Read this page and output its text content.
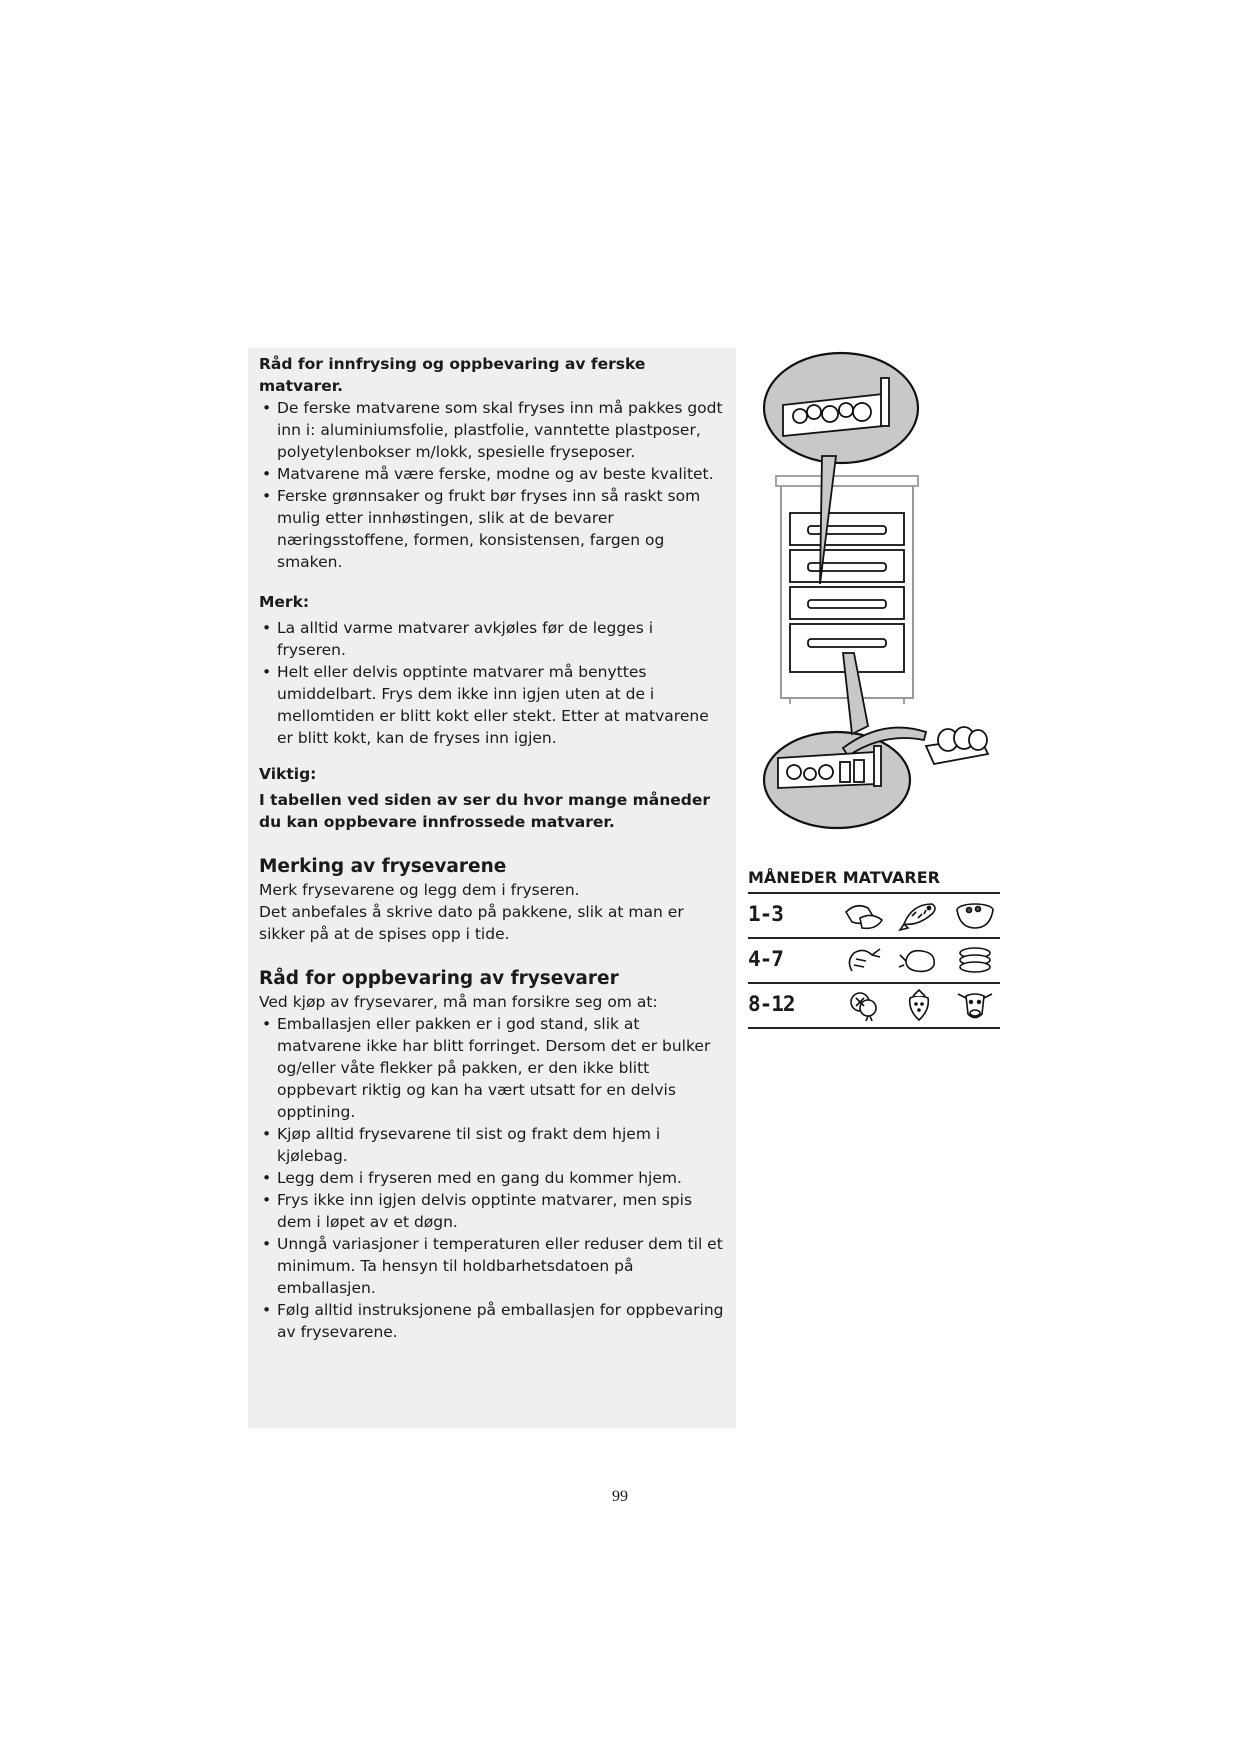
Råd for innfrysing og oppbevaring av ferske matvarer.

• De ferske matvarene som skal fryses inn må pakkes godt inn i: aluminiumsfolie, plastfolie, vanntette plastposer, polyetylenbokser m/lokk, spesielle fryseposer.
• Matvarene må være ferske, modne og av beste kvalitet.
• Ferske grønnsaker og frukt bør fryses inn så raskt som mulig etter innhøstingen, slik at de bevarer næringsstoffene, formen, konsistensen, fargen og smaken.

Merk:

• La alltid varme matvarer avkjøles før de legges i fryseren.
• Helt eller delvis opptinte matvarer må benyttes umiddelbart. Frys dem ikke inn igjen uten at de i mellomtiden er blitt kokt eller stekt. Etter at matvarene er blitt kokt, kan de fryses inn igjen.

Viktig:

I tabellen ved siden av ser du hvor mange måneder du kan oppbevare innfrossede matvarer.

Merking av frysevarene

Merk frysevarene og legg dem i fryseren.

Det anbefales å skrive dato på pakkene, slik at man er sikker på at de spises opp i tide.

Råd for oppbevaring av frysevarer

Ved kjøp av frysevarer, må man forsikre seg om at:

• Emballasjen eller pakken er i god stand, slik at matvarene ikke har blitt forringet. Dersom det er bulker og/eller våte flekker på pakken, er den ikke blitt oppbevart riktig og kan ha vært utsatt for en delvis opptining.
• Kjøp alltid frysevarene til sist og frakt dem hjem i kjølebag.
• Legg dem i fryseren med en gang du kommer hjem.
• Frys ikke inn igjen delvis opptinte matvarer, men spis dem i løpet av et døgn.
• Unngå variasjoner i temperaturen eller reduser dem til et minimum. Ta hensyn til holdbarhetsdatoen på emballasjen.
• Følg alltid instruksjonene på emballasjen for oppbevaring av frysevarene.
MÅNEDER MATVARER
1-3
4-7
8-12
99
